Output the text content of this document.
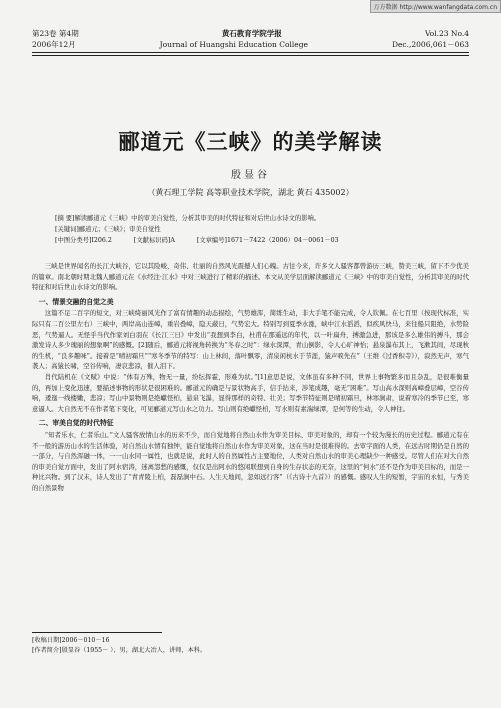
万方数据 http://www.wanfangdata.com.cn
第23卷 第4期	黄石教育学院学报	Vol.23 No.4
2006年12月	Journal of Huangshi Education College	Dec.,2006,061－063
郦道元《三峡》的美学解读
殷显谷
（黄石理工学院 高等职业技术学院，湖北 黄石 435002）
[摘 要]解读郦道元《三峡》中的审美自觉性，分析其审美的时代特征和对后世山水诗文的影响。
[关键词]郦道元；《三峡》；审美自觉性
[中图分类号]I206.2	[文献标识码]A	[文章编号]1671－7422（2006）04－0061－03

三峡是世界闻名的长江大峡谷，它以其险峻、奇伟、壮丽的自然风光震撼人们心魄。古往今来，许多文人骚客都曾游历三峡，赞美三峡，留下不少优美的篇章。南北朝时期北魏人郦道元在《水经注·江水》中对三峡进行了精彩的描述。本文从美学层面解读郦道元《三峡》中的审美自觉性，分析其审美的时代特征和对后世山水诗文的影响。

一、情景交融的自觉之美

这篇不足二百字的短文，对三峡绮丽风光作了富有情趣的动态描绘，气势雄浑，简练生动，非大手笔不能完成，令人钦佩。在七百里（按现代标准，实际只有二百公里左右）三峡中，两岸高山连嶂，重岩叠嶂，隐天蔽日，气势宏大。特别写到夏季水涨，峡中江水滔滔，似疾风快马，来往船只阻绝，水势险恶，气势逼人。无怪乎当代作家刘白羽在《长江三日》中发出“我想到李白，杜甫在那遥远的年代，以一叶扁舟，搏激急进，那该是多么雄伟的搏斗，那会激发诗人多少瑰丽的想象啊”的感慨。[2]随后，郦道元将视角转换为“冬春之时”：绿水深潭，青山倒影，令人心旷神怡；悬泉瀑布其上，飞漱其间，尽现秋的生机，“良多趣味”。接着是“晴初霜旦”“寒冬季节的特写：山上林间，落叶飘零，清泉闲杭水于节涯，猿声唳先在”（王维《过香积寺》），寂然无声，寒气袭人；高猿长啸，空谷传响，凄哀悲凉，催人泪下。

肖代陆机在《文赋》中说：“体有万殊，物无一量，纷纭挥霍，形难为状。”[1]意思是说，文体虽有多种不同，世界上事物繁多而且杂乱，是很难衡量的，再加上变化迅速，要描述事物的形状是很困难的。郦道元的确是与景状物高手，信手拈来，涉笔成趣，毫无“困难”。写山高水深则高嶂叠层嶂，空谷传响，逶迤一线楼嫩，悲凉；写山中景物则是绝巘怪柏，悬泉飞瀑，显得那样的奇特、壮美；写季节特征则是晴初霜旦，林寒涧肃，说着寒冷的季节已至，寒意逼人。大自然无不在作者笔下变化，可见郦道元写山水之功力。写山则有绝巘怪柏，写水则有素湍绿潭，是何等的生动，令人神往。

二、审美自觉的时代特征

“知者乐水，仁者乐山。”文人骚客放情山水的历来不少，而自觉地将自然山水作为审美目标、审美对象的，却有一个较为漫长的历史过程。郦道元有在不一般的游历山水的生活体验，对自然山水情有独钟，能自觉地将自然山水作为审美对象，这在当时是很难得的。去审字面的人类，在远古时期仍是自然的一部分，与自然浑融一体，一一山水同一属性，也就是说，此时人的自然属性占主要地位，人类对自然山水的审美心理缺少一种感受。尽管人们在对大自然的审美自觉方面中，发出了阿水宿涛，迷离怨愁的感慨，仅仅是出阿水的悠闲联想到自身的生存状态的无奈，这里的“何水”还不是作为审美目标的，而是一种比兴物。到了汉末，诗人发出了“青青陵上柏，磊磊涧中石。人生天地间，忽如远行客”（《古诗十九首》）的感慨。感叹人生的短暂，宇宙的永恒，与秀美的自然景物

[收稿日期]2006－010－16
[作者简介]殷显谷（1955－ ），男，湖北大冶人，讲师，本科。
